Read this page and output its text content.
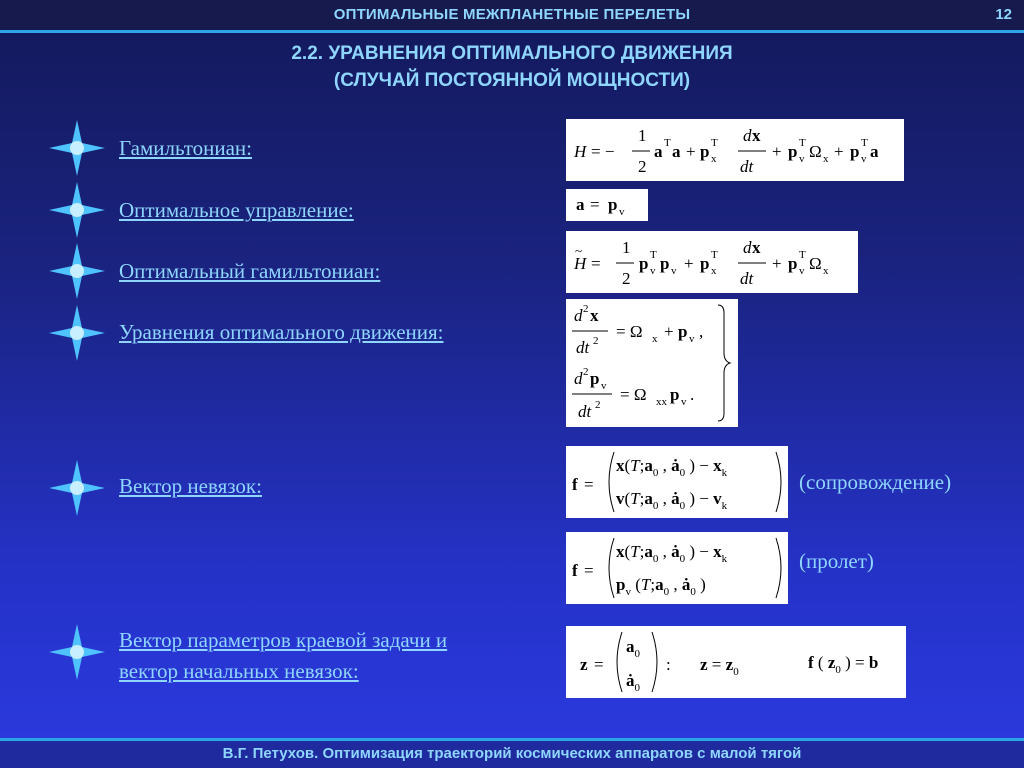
ОПТИМАЛЬНЫЕ МЕЖПЛАНЕТНЫЕ ПЕРЕЛЕТЫ	12
2.2. УРАВНЕНИЯ ОПТИМАЛЬНОГО ДВИЖЕНИЯ
(СЛУЧАЙ ПОСТОЯННОЙ МОЩНОСТИ)
Гамильтониан:
Оптимальное управление:
Оптимальный гамильтониан:
Уравнения оптимального движения:
Вектор невязок:
Вектор параметров краевой задачи и
вектор начальных невязок:
H = −
1
2
a T a + p T
x
d x
dt
+ p T
v Ω x + p T
v a
a = p v
H
~
=
1
2
p T
v p v + p T
x
d x
dt
+ p T
v Ω x
d 2 x
dt 2 = Ω x + p v ,
d 2 p v
dt 2
= Ω xx p v .
f =
$x(T;a_0$ , $ȧ_0$ ) − $x_k$
$v(T;a_0$ , $ȧ_0$ ) − $v_k$
(сопровождение)
f =
$x(T;a_0$ , $ȧ_0$ ) − $x_k$
$p_v$ ($T;a_0$ , $ȧ_0$ )
(пролет)
z =
$a_0$
$ȧ_0$
: $z = z_0$	f ( $z_0$ ) = b
В.Г. Петухов. Оптимизация траекторий космических аппаратов с малой тягой
